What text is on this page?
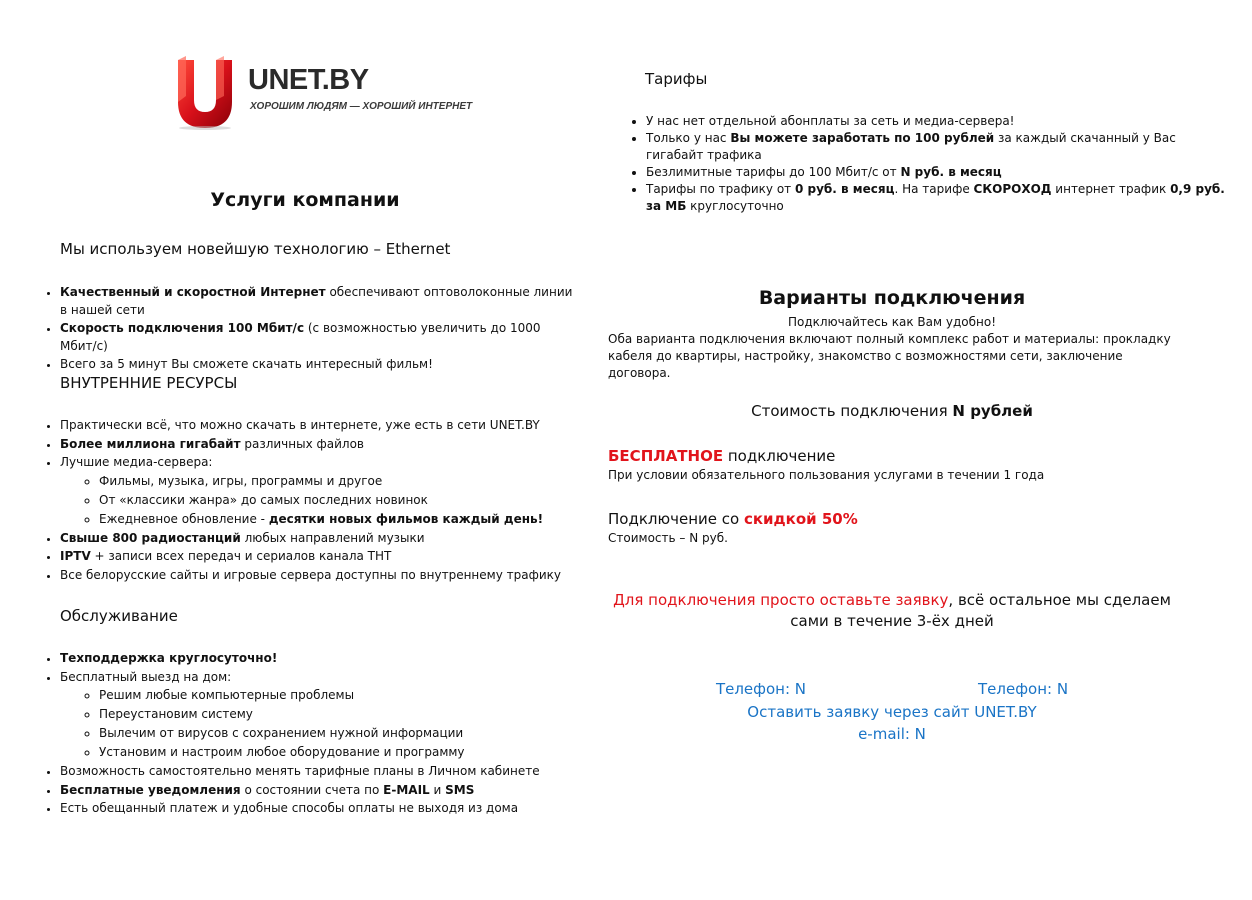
UNET.BY
ХОРОШИМ ЛЮДЯМ — ХОРОШИЙ ИНТЕРНЕТ
Услуги компании
Мы используем новейшую технологию – Ethernet
• Качественный и скоростной Интернет обеспечивают оптоволоконные линии в нашей сети
• Скорость подключения 100 Мбит/с (с возможностью увеличить до 1000 Мбит/с)
• Всего за 5 минут Вы сможете скачать интересный фильм!
ВНУТРЕННИЕ РЕСУРСЫ
• Практически всё, что можно скачать в интернете, уже есть в сети UNET.BY
• Более миллиона гигабайт различных файлов
• Лучшие медиа-сервера:
◦ Фильмы, музыка, игры, программы и другое
◦ От «классики жанра» до самых последних новинок
◦ Ежедневное обновление - десятки новых фильмов каждый день!
• Свыше 800 радиостанций любых направлений музыки
• IPTV + записи всех передач и сериалов канала ТНТ
• Все белорусские сайты и игровые сервера доступны по внутреннему трафику
Обслуживание
• Техподдержка круглосуточно!
• Бесплатный выезд на дом:
◦ Решим любые компьютерные проблемы
◦ Переустановим систему
◦ Вылечим от вирусов с сохранением нужной информации
◦ Установим и настроим любое оборудование и программу
• Возможность самостоятельно менять тарифные планы в Личном кабинете
• Бесплатные уведомления о состоянии счета по E-MAIL и SMS
• Есть обещанный платеж и удобные способы оплаты не выходя из дома
Тарифы
• У нас нет отдельной абонплаты за сеть и медиа-сервера!
• Только у нас Вы можете заработать по 100 рублей за каждый скачанный у Вас гигабайт трафика
• Безлимитные тарифы до 100 Мбит/с от N руб. в месяц
• Тарифы по трафику от 0 руб. в месяц. На тарифе СКОРОХОД интернет трафик 0,9 руб. за МБ круглосуточно
Варианты подключения
Подключайтесь как Вам удобно!
Оба варианта подключения включают полный комплекс работ и материалы: прокладку кабеля до квартиры, настройку, знакомство с возможностями сети, заключение договора.
Стоимость подключения N рублей
БЕСПЛАТНОЕ подключение
При условии обязательного пользования услугами в течении 1 года
Подключение со скидкой 50%
Стоимость – N руб.
Для подключения просто оставьте заявку, всё остальное мы сделаем сами в течение 3-ёх дней
Телефон: N	Телефон: N
Оставить заявку через сайт UNET.BY
e-mail: N
